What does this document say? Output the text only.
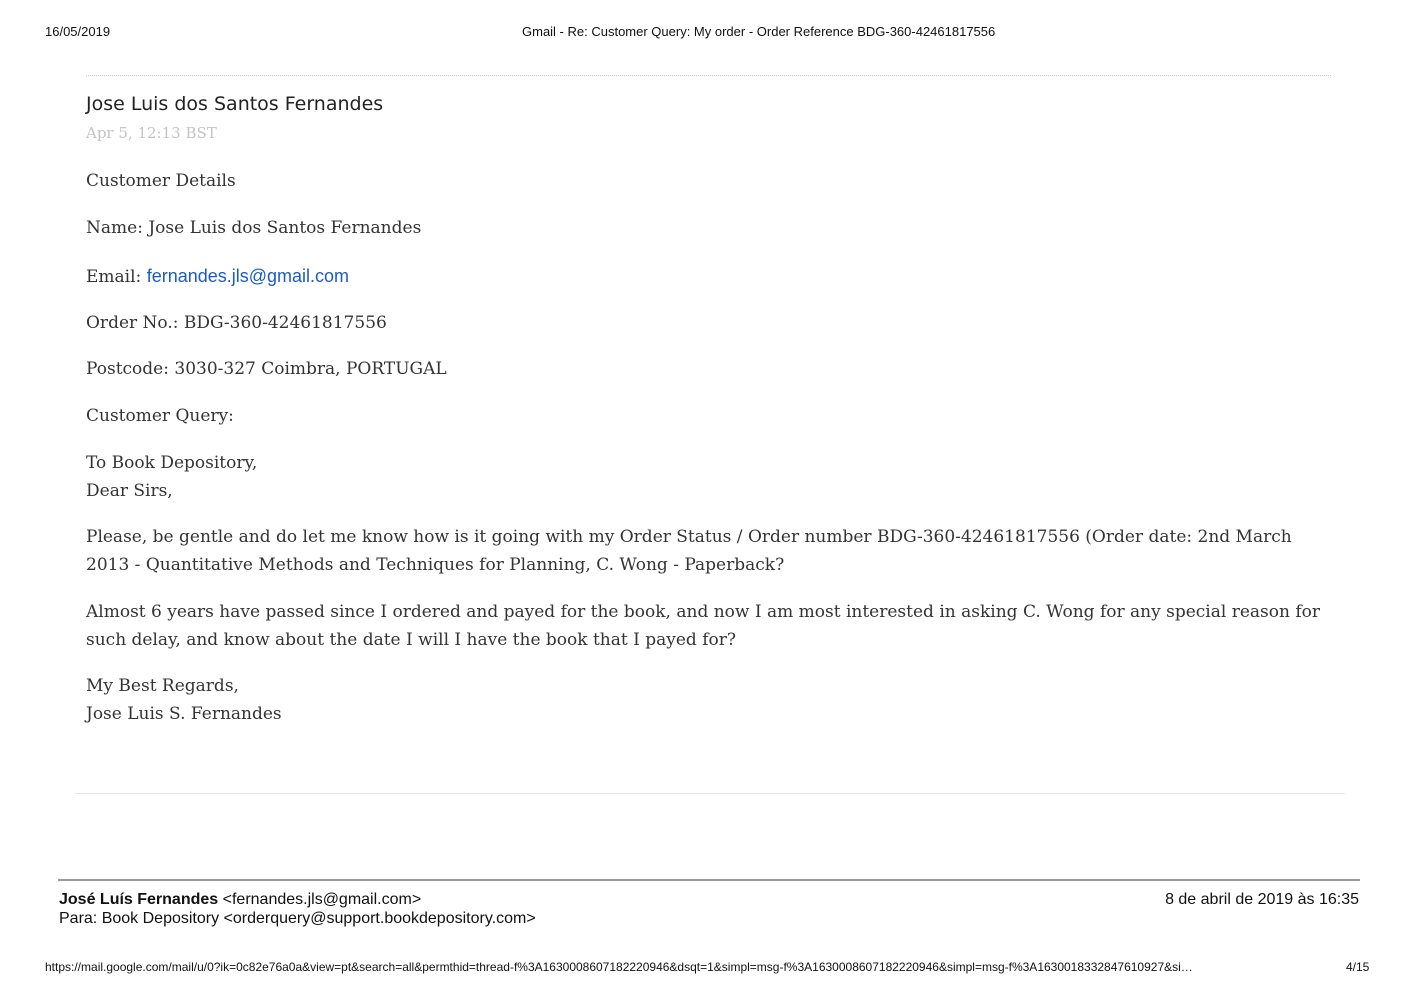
16/05/2019	Gmail - Re: Customer Query: My order - Order Reference BDG-360-42461817556
Jose Luis dos Santos Fernandes
Apr 5, 12:13 BST
Customer Details
Name: Jose Luis dos Santos Fernandes
Email: fernandes.jls@gmail.com
Order No.: BDG-360-42461817556
Postcode: 3030-327 Coimbra, PORTUGAL
Customer Query:
To Book Depository,
Dear Sirs,
Please, be gentle and do let me know how is it going with my Order Status / Order number BDG-360-42461817556 (Order date: 2nd March 2013 - Quantitative Methods and Techniques for Planning, C. Wong - Paperback?
Almost 6 years have passed since I ordered and payed for the book, and now I am most interested in asking C. Wong for any special reason for such delay, and know about the date I will I have the book that I payed for?
My Best Regards,
Jose Luis S. Fernandes
José Luís Fernandes <fernandes.jls@gmail.com>
Para: Book Depository <orderquery@support.bookdepository.com>
8 de abril de 2019 às 16:35
https://mail.google.com/mail/u/0?ik=0c82e76a0a&view=pt&search=all&permthid=thread-f%3A1630008607182220946&dsqt=1&simpl=msg-f%3A1630008607182220946&simpl=msg-f%3A1630018332847610927&si…	4/15
